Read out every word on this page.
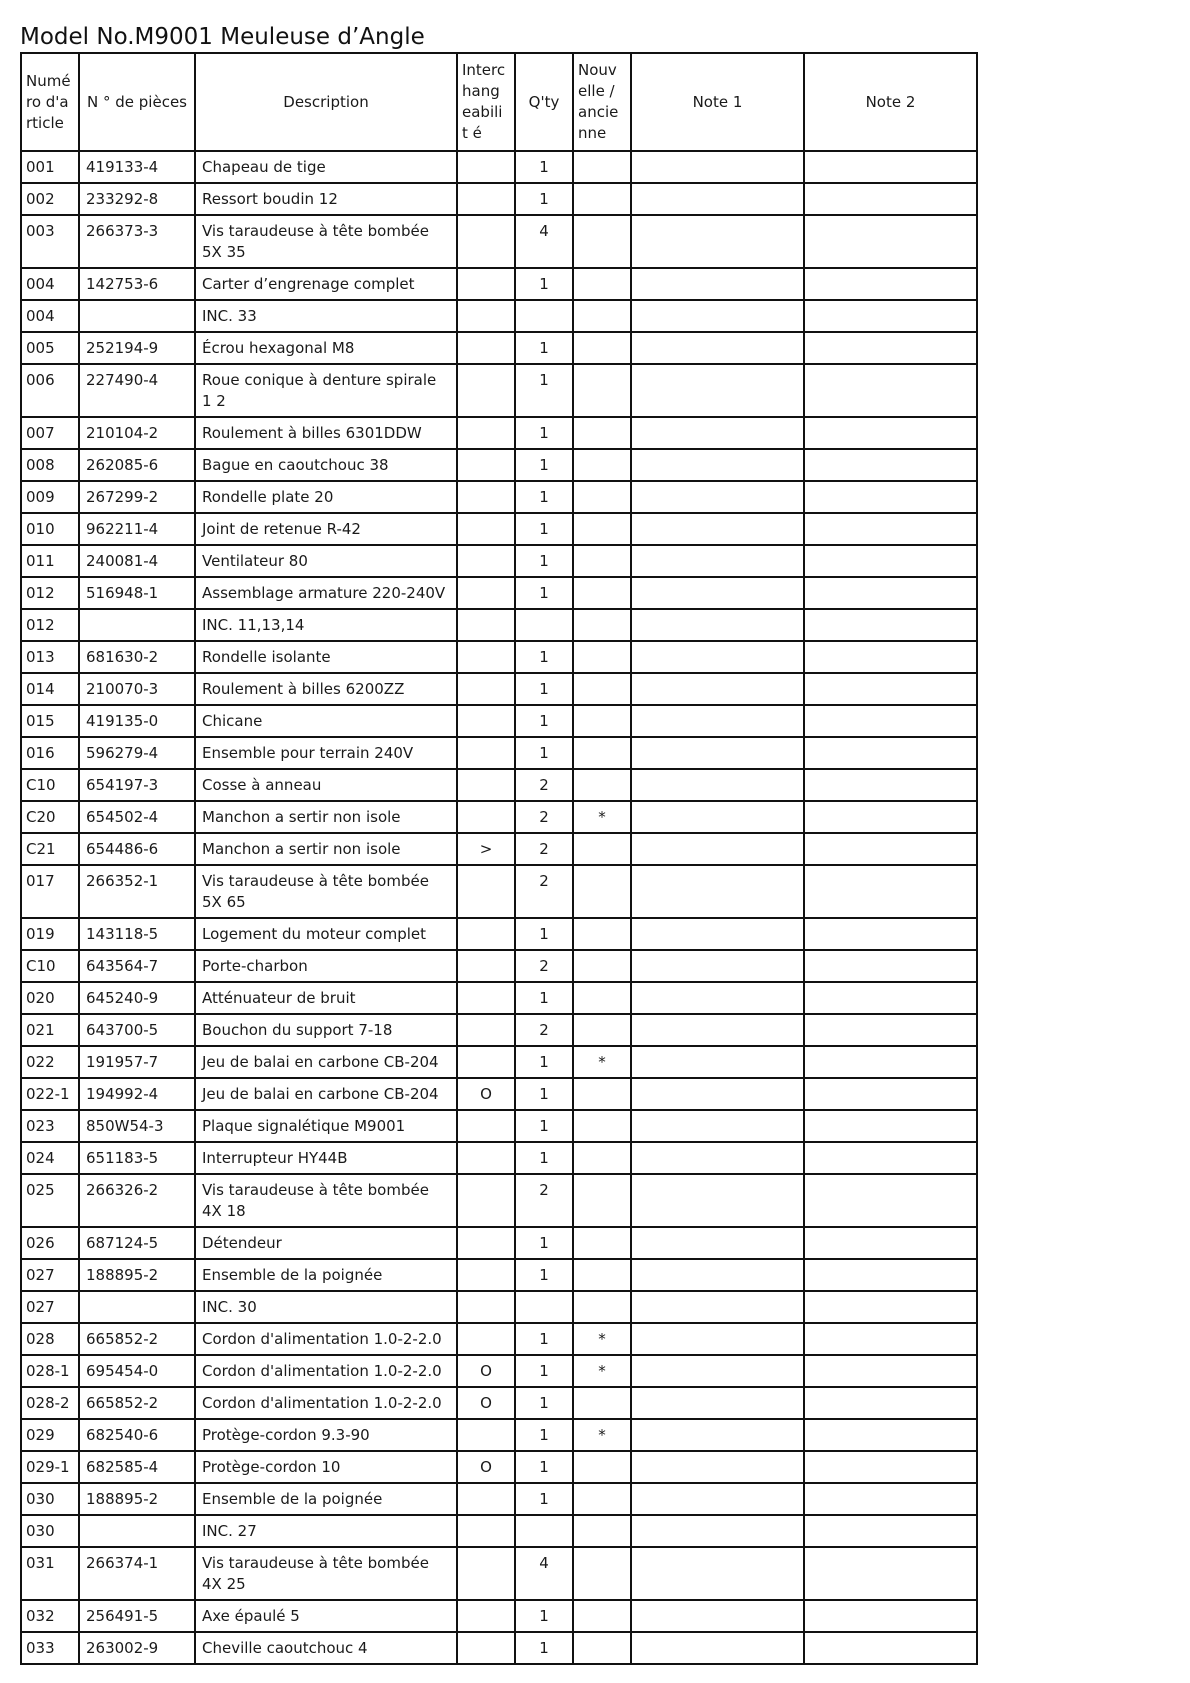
Model No.M9001 Meuleuse d’Angle
Numé ro d'a rticle	N ° de pièces	Description	Interc hang eabilit é	Q'ty	Nouv elle / ancie nne	Note 1	Note 2
001	419133-4	Chapeau de tige		1			
002	233292-8	Ressort boudin 12		1			
003	266373-3	Vis taraudeuse à tête bombée 5X 35		4			
004	142753-6	Carter d’engrenage complet		1			
004		INC. 33					
005	252194-9	Écrou hexagonal M8		1			
006	227490-4	Roue conique à denture spirale 1 2		1			
007	210104-2	Roulement à billes 6301DDW		1			
008	262085-6	Bague en caoutchouc 38		1			
009	267299-2	Rondelle plate 20		1			
010	962211-4	Joint de retenue R-42		1			
011	240081-4	Ventilateur 80		1			
012	516948-1	Assemblage armature 220-240V		1			
012		INC. 11,13,14					
013	681630-2	Rondelle isolante		1			
014	210070-3	Roulement à billes 6200ZZ		1			
015	419135-0	Chicane		1			
016	596279-4	Ensemble pour terrain 240V		1			
C10	654197-3	Cosse à anneau		2			
C20	654502-4	Manchon a sertir non isole		2	*		
C21	654486-6	Manchon a sertir non isole	>	2			
017	266352-1	Vis taraudeuse à tête bombée 5X 65		2			
019	143118-5	Logement du moteur complet		1			
C10	643564-7	Porte-charbon		2			
020	645240-9	Atténuateur de bruit		1			
021	643700-5	Bouchon du support 7-18		2			
022	191957-7	Jeu de balai en carbone CB-204		1	*		
022-1	194992-4	Jeu de balai en carbone CB-204	O	1			
023	850W54-3	Plaque signalétique M9001		1			
024	651183-5	Interrupteur HY44B		1			
025	266326-2	Vis taraudeuse à tête bombée 4X 18		2			
026	687124-5	Détendeur		1			
027	188895-2	Ensemble de la poignée		1			
027		INC. 30					
028	665852-2	Cordon d'alimentation 1.0-2-2.0		1	*		
028-1	695454-0	Cordon d'alimentation 1.0-2-2.0	O	1	*		
028-2	665852-2	Cordon d'alimentation 1.0-2-2.0	O	1			
029	682540-6	Protège-cordon 9.3-90		1	*		
029-1	682585-4	Protège-cordon 10	O	1			
030	188895-2	Ensemble de la poignée		1			
030		INC. 27					
031	266374-1	Vis taraudeuse à tête bombée 4X 25		4			
032	256491-5	Axe épaulé 5		1			
033	263002-9	Cheville caoutchouc 4		1			
